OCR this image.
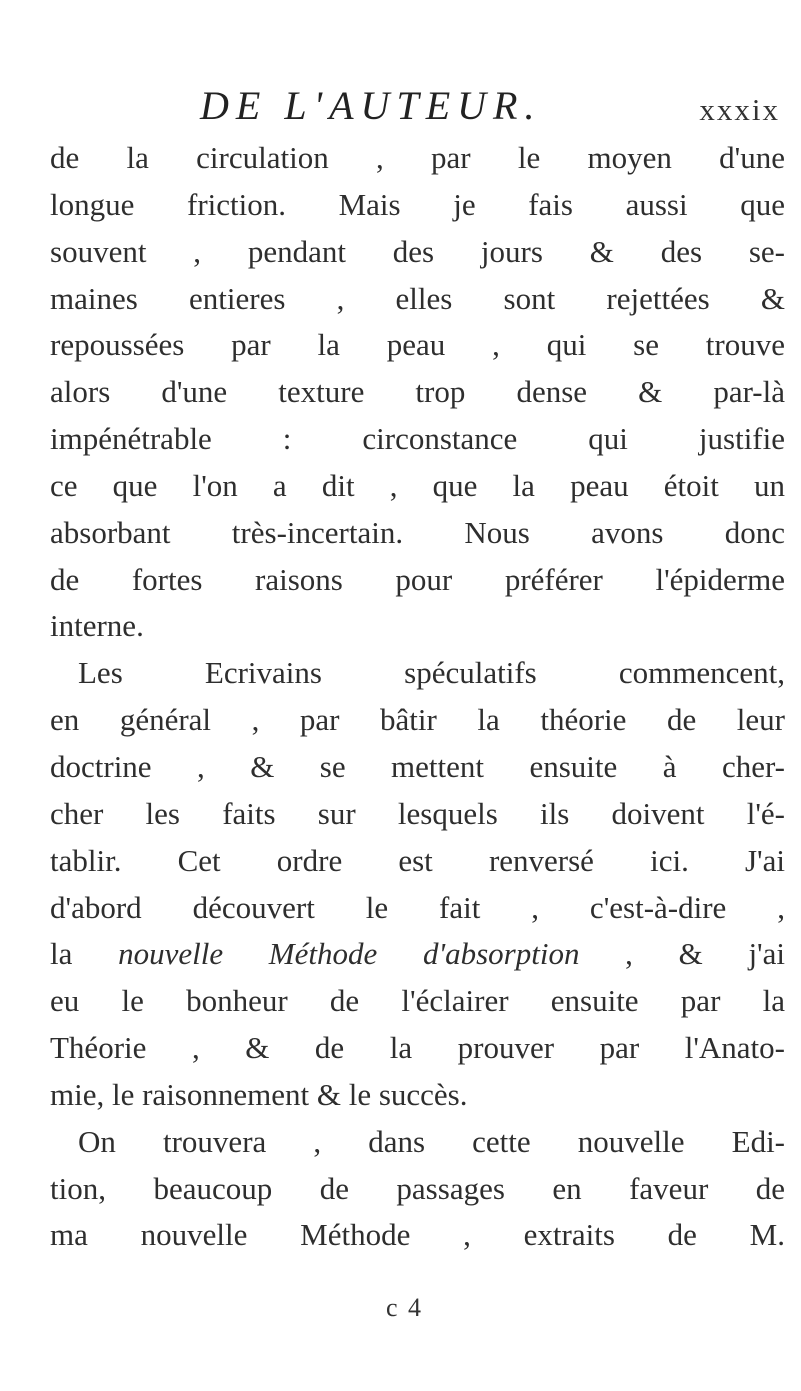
DE L'AUTEUR.	xxxix
de la circulation , par le moyen d'une
longue friction. Mais je fais aussi que
souvent , pendant des jours & des se-
maines entieres , elles sont rejettées &
repoussées par la peau , qui se trouve
alors d'une texture trop dense & par-là
impénétrable : circonstance qui justifie
ce que l'on a dit , que la peau étoit un
absorbant très-incertain. Nous avons donc
de fortes raisons pour préférer l'épiderme
interne.
Les Ecrivains spéculatifs commencent,
en général , par bâtir la théorie de leur
doctrine , & se mettent ensuite à cher-
cher les faits sur lesquels ils doivent l'é-
tablir. Cet ordre est renversé ici. J'ai
d'abord découvert le fait , c'est-à-dire ,
la nouvelle Méthode d'absorption , & j'ai
eu le bonheur de l'éclairer ensuite par la
Théorie , & de la prouver par l'Anato-
mie, le raisonnement & le succès.
On trouvera , dans cette nouvelle Edi-
tion, beaucoup de passages en faveur de
ma nouvelle Méthode , extraits de M.
c 4
